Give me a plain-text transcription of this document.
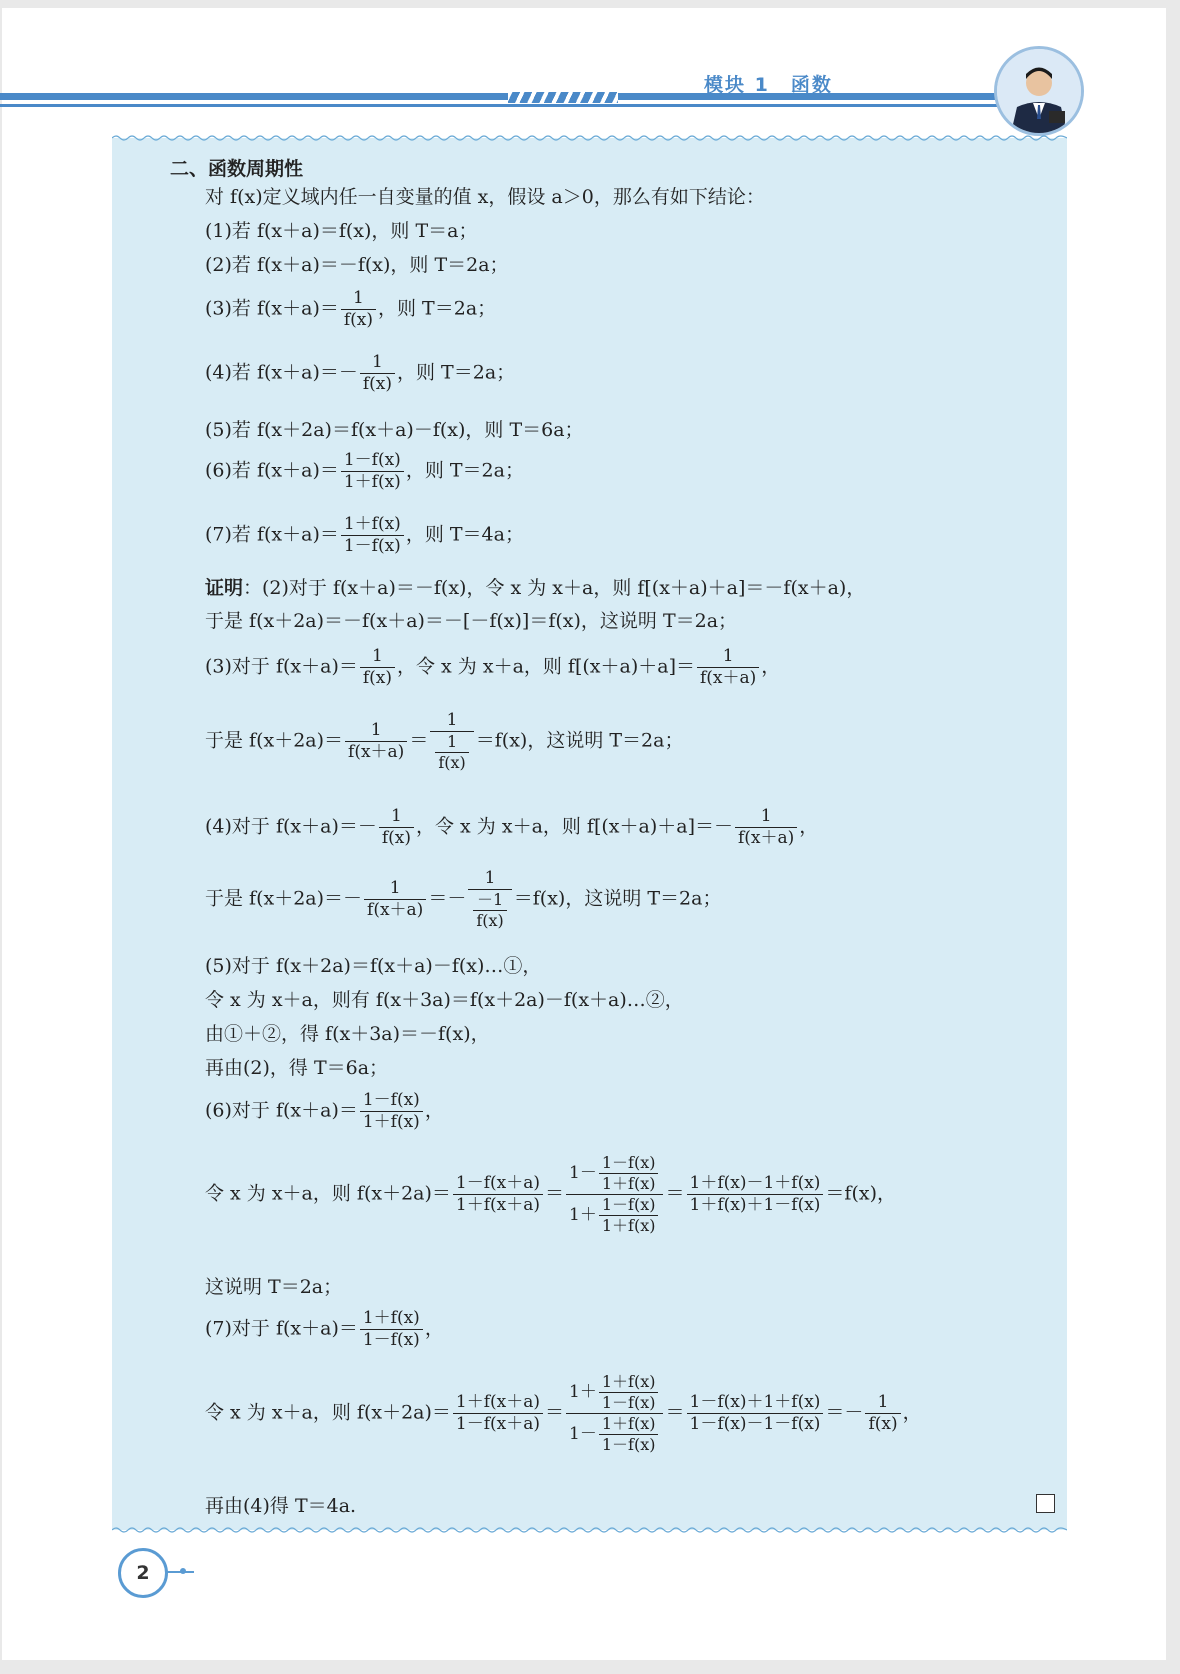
模块 1　函数
二、函数周期性
对 f(x)定义域内任一自变量的值 x，假设 a＞0，那么有如下结论：
(1)若 f(x＋a)＝f(x)，则 T＝a；
(2)若 f(x＋a)＝－f(x)，则 T＝2a；
(3)若 $f(x+a)= \frac{1}{f(x)}$ ，则 T＝2a；
(4)若 $f(x+a)=- \frac{1}{f(x)}$ ，则 T＝2a；
(5)若 f(x＋2a)＝f(x＋a)－f(x)，则 T＝6a；
(6)若 $f(x+a)= \frac{1-f(x)}{1+f(x)}$ ，则 T＝2a；
(7)若 $f(x+a)= \frac{1+f(x)}{1-f(x)}$ ，则 T＝4a；
证明：(2)对于 f(x＋a)＝－f(x)，令 x 为 x＋a，则 f[(x＋a)＋a]＝－f(x＋a)，
于是 f(x＋2a)＝－f(x＋a)＝－[－f(x)]＝f(x)，这说明 T＝2a；
(3)对于 $f(x+a)= \frac{1}{f(x)}$ ，令 x 为 x＋a，则 $f[(x+a)+a]= \frac{1}{f(x+a)}$ ，
于是 $f(x+2a)= \frac{1}{f(x+a)} = \frac{1}{\frac{1}{f(x)}} =f(x)$，这说明 T＝2a；
(4)对于 $f(x+a)=- \frac{1}{f(x)}$ ，令 x 为 x＋a，则 $f[(x+a)+a]=- \frac{1}{f(x+a)}$ ，
于是 $f(x+2a)=- \frac{1}{f(x+a)} =- \frac{1}{\frac{-1}{f(x)}} =f(x)$，这说明 T＝2a；
(5)对于 f(x＋2a)＝f(x＋a)－f(x)…①，
令 x 为 x＋a，则有 f(x＋3a)＝f(x＋2a)－f(x＋a)…②，
由①＋②，得 f(x＋3a)＝－f(x)，
再由(2)，得 T＝6a；
(6)对于 $f(x+a)= \frac{1-f(x)}{1+f(x)}$ ，
令 x 为 x＋a，则 $f(x+2a)= \frac{1-f(x+a)}{1+f(x+a)} = \frac{1- \frac{1-f(x)}{1+f(x)}}{1+ \frac{1-f(x)}{1+f(x)}} = \frac{1+f(x)-1+f(x)}{1+f(x)+1-f(x)} =f(x)$，
这说明 T＝2a；
(7)对于 $f(x+a)= \frac{1+f(x)}{1-f(x)}$ ，
令 x 为 x＋a，则 $f(x+2a)= \frac{1+f(x+a)}{1-f(x+a)} = \frac{1+ \frac{1+f(x)}{1-f(x)}}{1- \frac{1+f(x)}{1-f(x)}} = \frac{1-f(x)+1+f(x)}{1-f(x)-1-f(x)} =- \frac{1}{f(x)}$ ，
再由(4)得 T＝4a.
2
